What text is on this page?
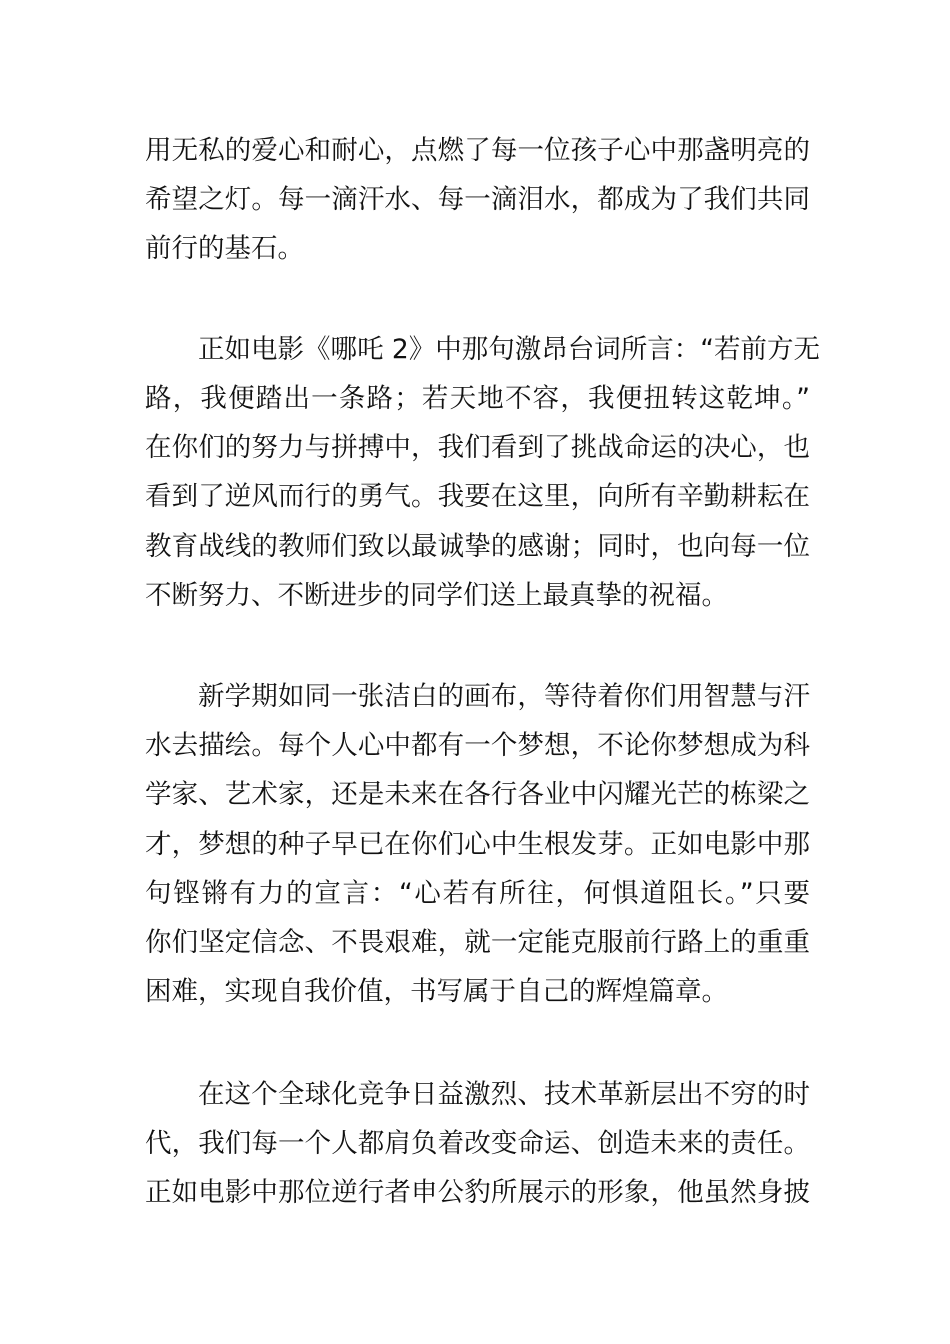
用无私的爱心和耐心，点燃了每一位孩子心中那盏明亮的

希望之灯。每一滴汗水、每一滴泪水，都成为了我们共同

前行的基石。

正如电影《哪吒 2》中那句激昂台词所言：“若前方无

路，我便踏出一条路；若天地不容，我便扭转这乾坤。”

在你们的努力与拼搏中，我们看到了挑战命运的决心，也

看到了逆风而行的勇气。我要在这里，向所有辛勤耕耘在

教育战线的教师们致以最诚挚的感谢；同时，也向每一位

不断努力、不断进步的同学们送上最真挚的祝福。

新学期如同一张洁白的画布，等待着你们用智慧与汗

水去描绘。每个人心中都有一个梦想，不论你梦想成为科

学家、艺术家，还是未来在各行各业中闪耀光芒的栋梁之

才，梦想的种子早已在你们心中生根发芽。正如电影中那

句铿锵有力的宣言：“心若有所往，何惧道阻长。”只要

你们坚定信念、不畏艰难，就一定能克服前行路上的重重

困难，实现自我价值，书写属于自己的辉煌篇章。

在这个全球化竞争日益激烈、技术革新层出不穷的时

代，我们每一个人都肩负着改变命运、创造未来的责任。

正如电影中那位逆行者申公豹所展示的形象，他虽然身披
